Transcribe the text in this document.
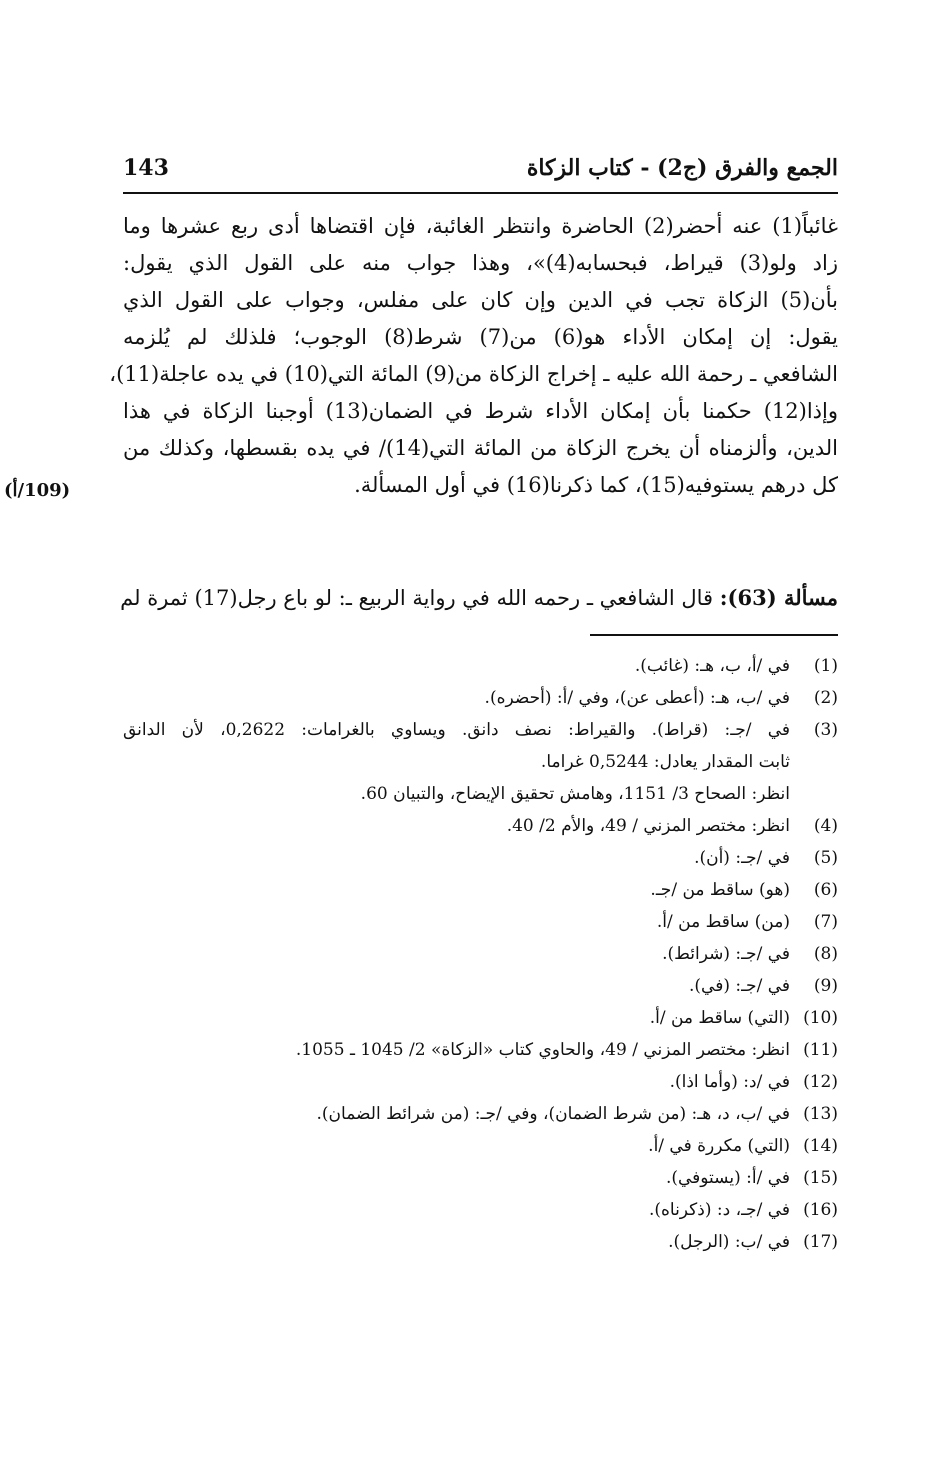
الجمع والفرق (ج2) - كتاب الزكاة
143
غائباً(1) عنه أحضر(2) الحاضرة وانتظر الغائبة، فإن اقتضاها أدى ربع عشرها وما
زاد ولو(3) قيراط، فبحسابه(4)»، وهذا جواب منه على القول الذي يقول:
بأن(5) الزكاة تجب في الدين وإن كان على مفلس، وجواب على القول الذي
يقول: إن إمكان الأداء هو(6) من(7) شرط(8) الوجوب؛ فلذلك لم يُلزمه
الشافعي ـ رحمة الله عليه ـ إخراج الزكاة من(9) المائة التي(10) في يده عاجلة(11)،
وإذا(12) حكمنا بأن إمكان الأداء شرط في الضمان(13) أوجبنا الزكاة في هذا
الدين، وألزمناه أن يخرج الزكاة من المائة التي(14)/ في يده بقسطها، وكذلك من
كل درهم يستوفيه(15)، كما ذكرنا(16) في أول المسألة.
(109/أ)
مسألة (63): قال الشافعي ـ رحمه الله في رواية الربيع ـ: لو باع رجل(17) ثمرة لم
(1)
في /أ، ب، هـ: (غائب).
(2)
في /ب، هـ: (أعطى عن)، وفي /أ: (أحضره).
(3)
في /جـ: (قراط). والقيراط: نصف دانق. ويساوي بالغرامات: 0,2622، لأن الدانق
ثابت المقدار يعادل: 0,5244 غراما.
انظر: الصحاح 3/ 1151، وهامش تحقيق الإيضاح، والتبيان 60.
(4)
انظر: مختصر المزني / 49، والأم 2/ 40.
(5)
في /جـ: (أن).
(6)
(هو) ساقط من /جـ.
(7)
(من) ساقط من /أ.
(8)
في /جـ: (شرائط).
(9)
في /جـ: (في).
(10)
(التي) ساقط من /أ.
(11)
انظر: مختصر المزني / 49، والحاوي كتاب «الزكاة» 2/ 1045 ـ 1055.
(12)
في /د: (وأما اذا).
(13)
في /ب، د، هـ: (من شرط الضمان)، وفي /جـ: (من شرائط الضمان).
(14)
(التي) مكررة في /أ.
(15)
في /أ: (يستوفي).
(16)
في /جـ، د: (ذكرناه).
(17)
في /ب: (الرجل).
